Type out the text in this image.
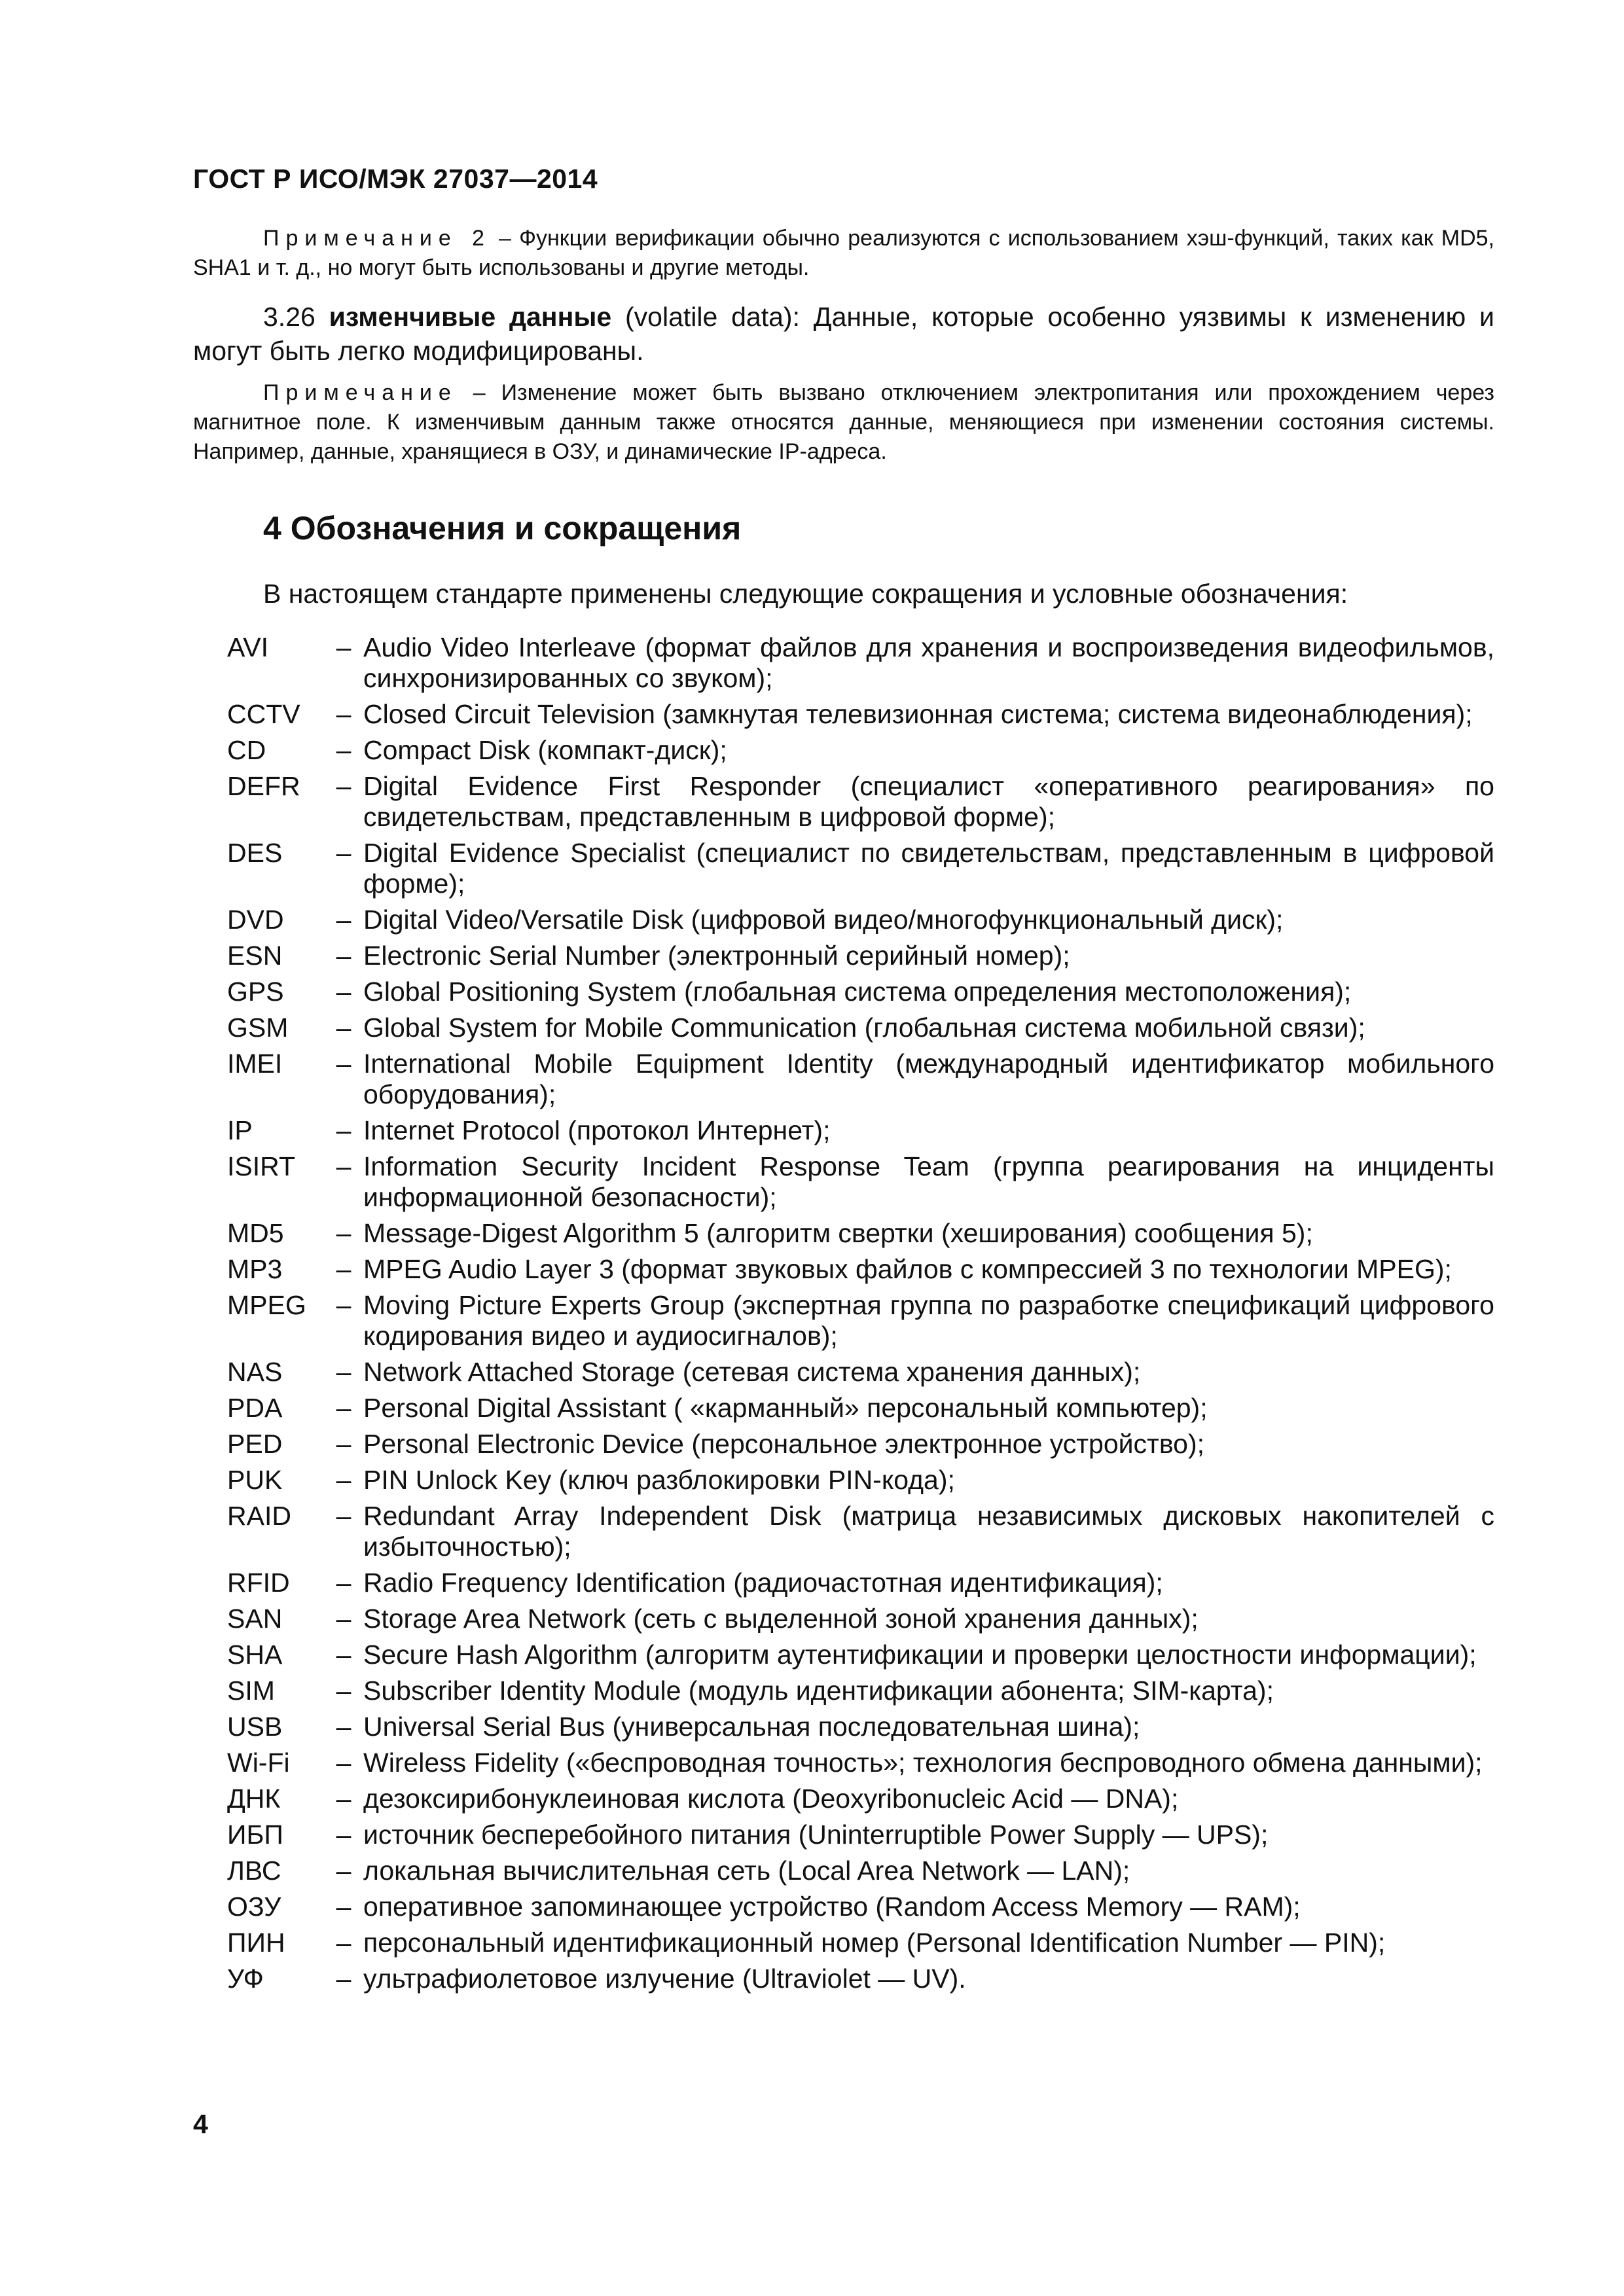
ГОСТ Р ИСО/МЭК 27037—2014
Примечание 2 – Функции верификации обычно реализуются с использованием хэш-функций, таких как MD5, SHA1 и т. д., но могут быть использованы и другие методы.
3.26 изменчивые данные (volatile data): Данные, которые особенно уязвимы к изменению и могут быть легко модифицированы.
Примечание – Изменение может быть вызвано отключением электропитания или прохождением через магнитное поле. К изменчивым данным также относятся данные, меняющиеся при изменении состояния системы. Например, данные, хранящиеся в ОЗУ, и динамические IP-адреса.
4 Обозначения и сокращения
В настоящем стандарте применены следующие сокращения и условные обозначения:
AVI	– Audio Video Interleave (формат файлов для хранения и воспроизведения видеофильмов, синхронизированных со звуком);
CCTV	– Closed Circuit Television (замкнутая телевизионная система; система видеонаблюдения);
CD	– Compact Disk (компакт-диск);
DEFR	– Digital Evidence First Responder (специалист «оперативного реагирования» по свидетельствам, представленным в цифровой форме);
DES	– Digital Evidence Specialist (специалист по свидетельствам, представленным в цифровой форме);
DVD	– Digital Video/Versatile Disk (цифровой видео/многофункциональный диск);
ESN	– Electronic Serial Number (электронный серийный номер);
GPS	– Global Positioning System (глобальная система определения местоположения);
GSM	– Global System for Mobile Communication (глобальная система мобильной связи);
IMEI	– International Mobile Equipment Identity (международный идентификатор мобильного оборудования);
IP	– Internet Protocol (протокол Интернет);
ISIRT	– Information Security Incident Response Team (группа реагирования на инциденты информационной безопасности);
MD5	– Message-Digest Algorithm 5 (алгоритм свертки (хеширования) сообщения 5);
MP3	– MPEG Audio Layer 3 (формат звуковых файлов с компрессией 3 по технологии MPEG);
MPEG	– Moving Picture Experts Group (экспертная группа по разработке спецификаций цифрового кодирования видео и аудиосигналов);
NAS	– Network Attached Storage (сетевая система хранения данных);
PDA	– Personal Digital Assistant ( «карманный» персональный компьютер);
PED	– Personal Electronic Device (персональное электронное устройство);
PUK	– PIN Unlock Key (ключ разблокировки PIN-кода);
RAID	– Redundant Array Independent Disk (матрица независимых дисковых накопителей с избыточностью);
RFID	– Radio Frequency Identification (радиочастотная идентификация);
SAN	– Storage Area Network (сеть с выделенной зоной хранения данных);
SHA	– Secure Hash Algorithm (алгоритм аутентификации и проверки целостности информации);
SIM	– Subscriber Identity Module (модуль идентификации абонента; SIM-карта);
USB	– Universal Serial Bus (универсальная последовательная шина);
Wi-Fi	– Wireless Fidelity («беспроводная точность»; технология беспроводного обмена данными);
ДНК	– дезоксирибонуклеиновая кислота (Deoxyribonucleic Acid — DNA);
ИБП	– источник бесперебойного питания (Uninterruptible Power Supply — UPS);
ЛВС	– локальная вычислительная сеть (Local Area Network — LAN);
ОЗУ	– оперативное запоминающее устройство (Random Access Memory — RAM);
ПИН	– персональный идентификационный номер (Personal Identification Number — PIN);
УФ	– ультрафиолетовое излучение (Ultraviolet — UV).
4
